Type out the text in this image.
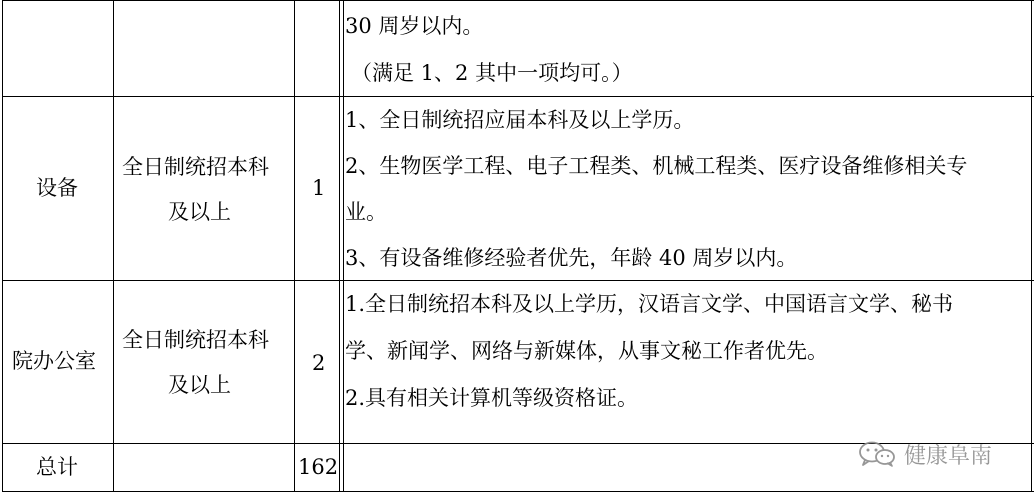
30 周岁以内。
（满足 1、2 其中一项均可。）
设备
全日制统招本科
及以上
1
1、全日制统招应届本科及以上学历。
2、生物医学工程、电子工程类、机械工程类、医疗设备维修相关专
业。
3、有设备维修经验者优先，年龄 40 周岁以内。
院办公室
全日制统招本科
及以上
2
1.全日制统招本科及以上学历，汉语言文学、中国语言文学、秘书
学、新闻学、网络与新媒体，从事文秘工作者优先。
2.具有相关计算机等级资格证。
总计	162	健康阜南
